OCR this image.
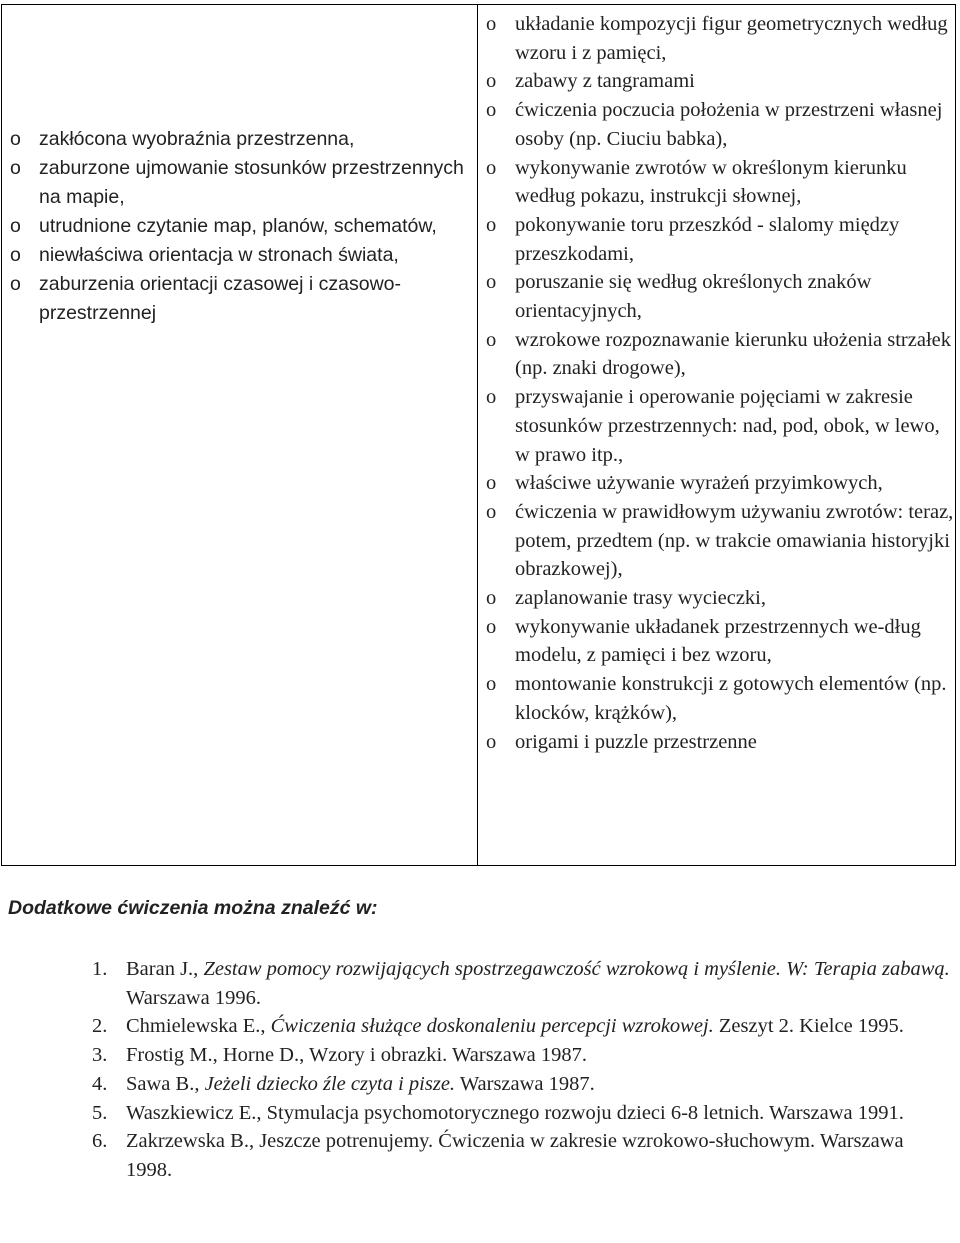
o zakłócona wyobraźnia przestrzenna,
o zaburzone ujmowanie stosunków przestrzennych na mapie,
o utrudnione czytanie map, planów, schematów,
o niewłaściwa orientacja w stronach świata,
o zaburzenia orientacji czasowej i czasowo-przestrzennej
o układanie kompozycji figur geometrycznych według wzoru i z pamięci,
o zabawy z tangramami
o ćwiczenia poczucia położenia w przestrzeni własnej osoby (np. Ciuciu babka),
o wykonywanie zwrotów w określonym kierunku według pokazu, instrukcji słownej,
o pokonywanie toru przeszkód - slalomy między przeszkodami,
o poruszanie się według określonych znaków orientacyjnych,
o wzrokowe rozpoznawanie kierunku ułożenia strzałek (np. znaki drogowe),
o przyswajanie i operowanie pojęciami w zakresie stosunków przestrzennych: nad, pod, obok, w lewo, w prawo itp.,
o właściwe używanie wyrażeń przyimkowych,
o ćwiczenia w prawidłowym używaniu zwrotów: teraz, potem, przedtem (np. w trakcie omawiania historyjki obrazkowej),
o zaplanowanie trasy wycieczki,
o wykonywanie układanek przestrzennych we-dług modelu, z pamięci i bez wzoru,
o montowanie konstrukcji z gotowych elementów (np. klocków, krążków),
o origami i puzzle przestrzenne
Dodatkowe ćwiczenia można znaleźć w:
1. Baran J., Zestaw pomocy rozwijających spostrzegawczość wzrokową i myślenie. W: Terapia zabawą. Warszawa 1996.
2. Chmielewska E., Ćwiczenia służące doskonaleniu percepcji wzrokowej. Zeszyt 2. Kielce 1995.
3. Frostig M., Horne D., Wzory i obrazki. Warszawa 1987.
4. Sawa B., Jeżeli dziecko źle czyta i pisze. Warszawa 1987.
5. Waszkiewicz E., Stymulacja psychomotorycznego rozwoju dzieci 6-8 letnich. Warszawa 1991.
6. Zakrzewska B., Jeszcze potrenujemy. Ćwiczenia w zakresie wzrokowo-słuchowym. Warszawa 1998.
